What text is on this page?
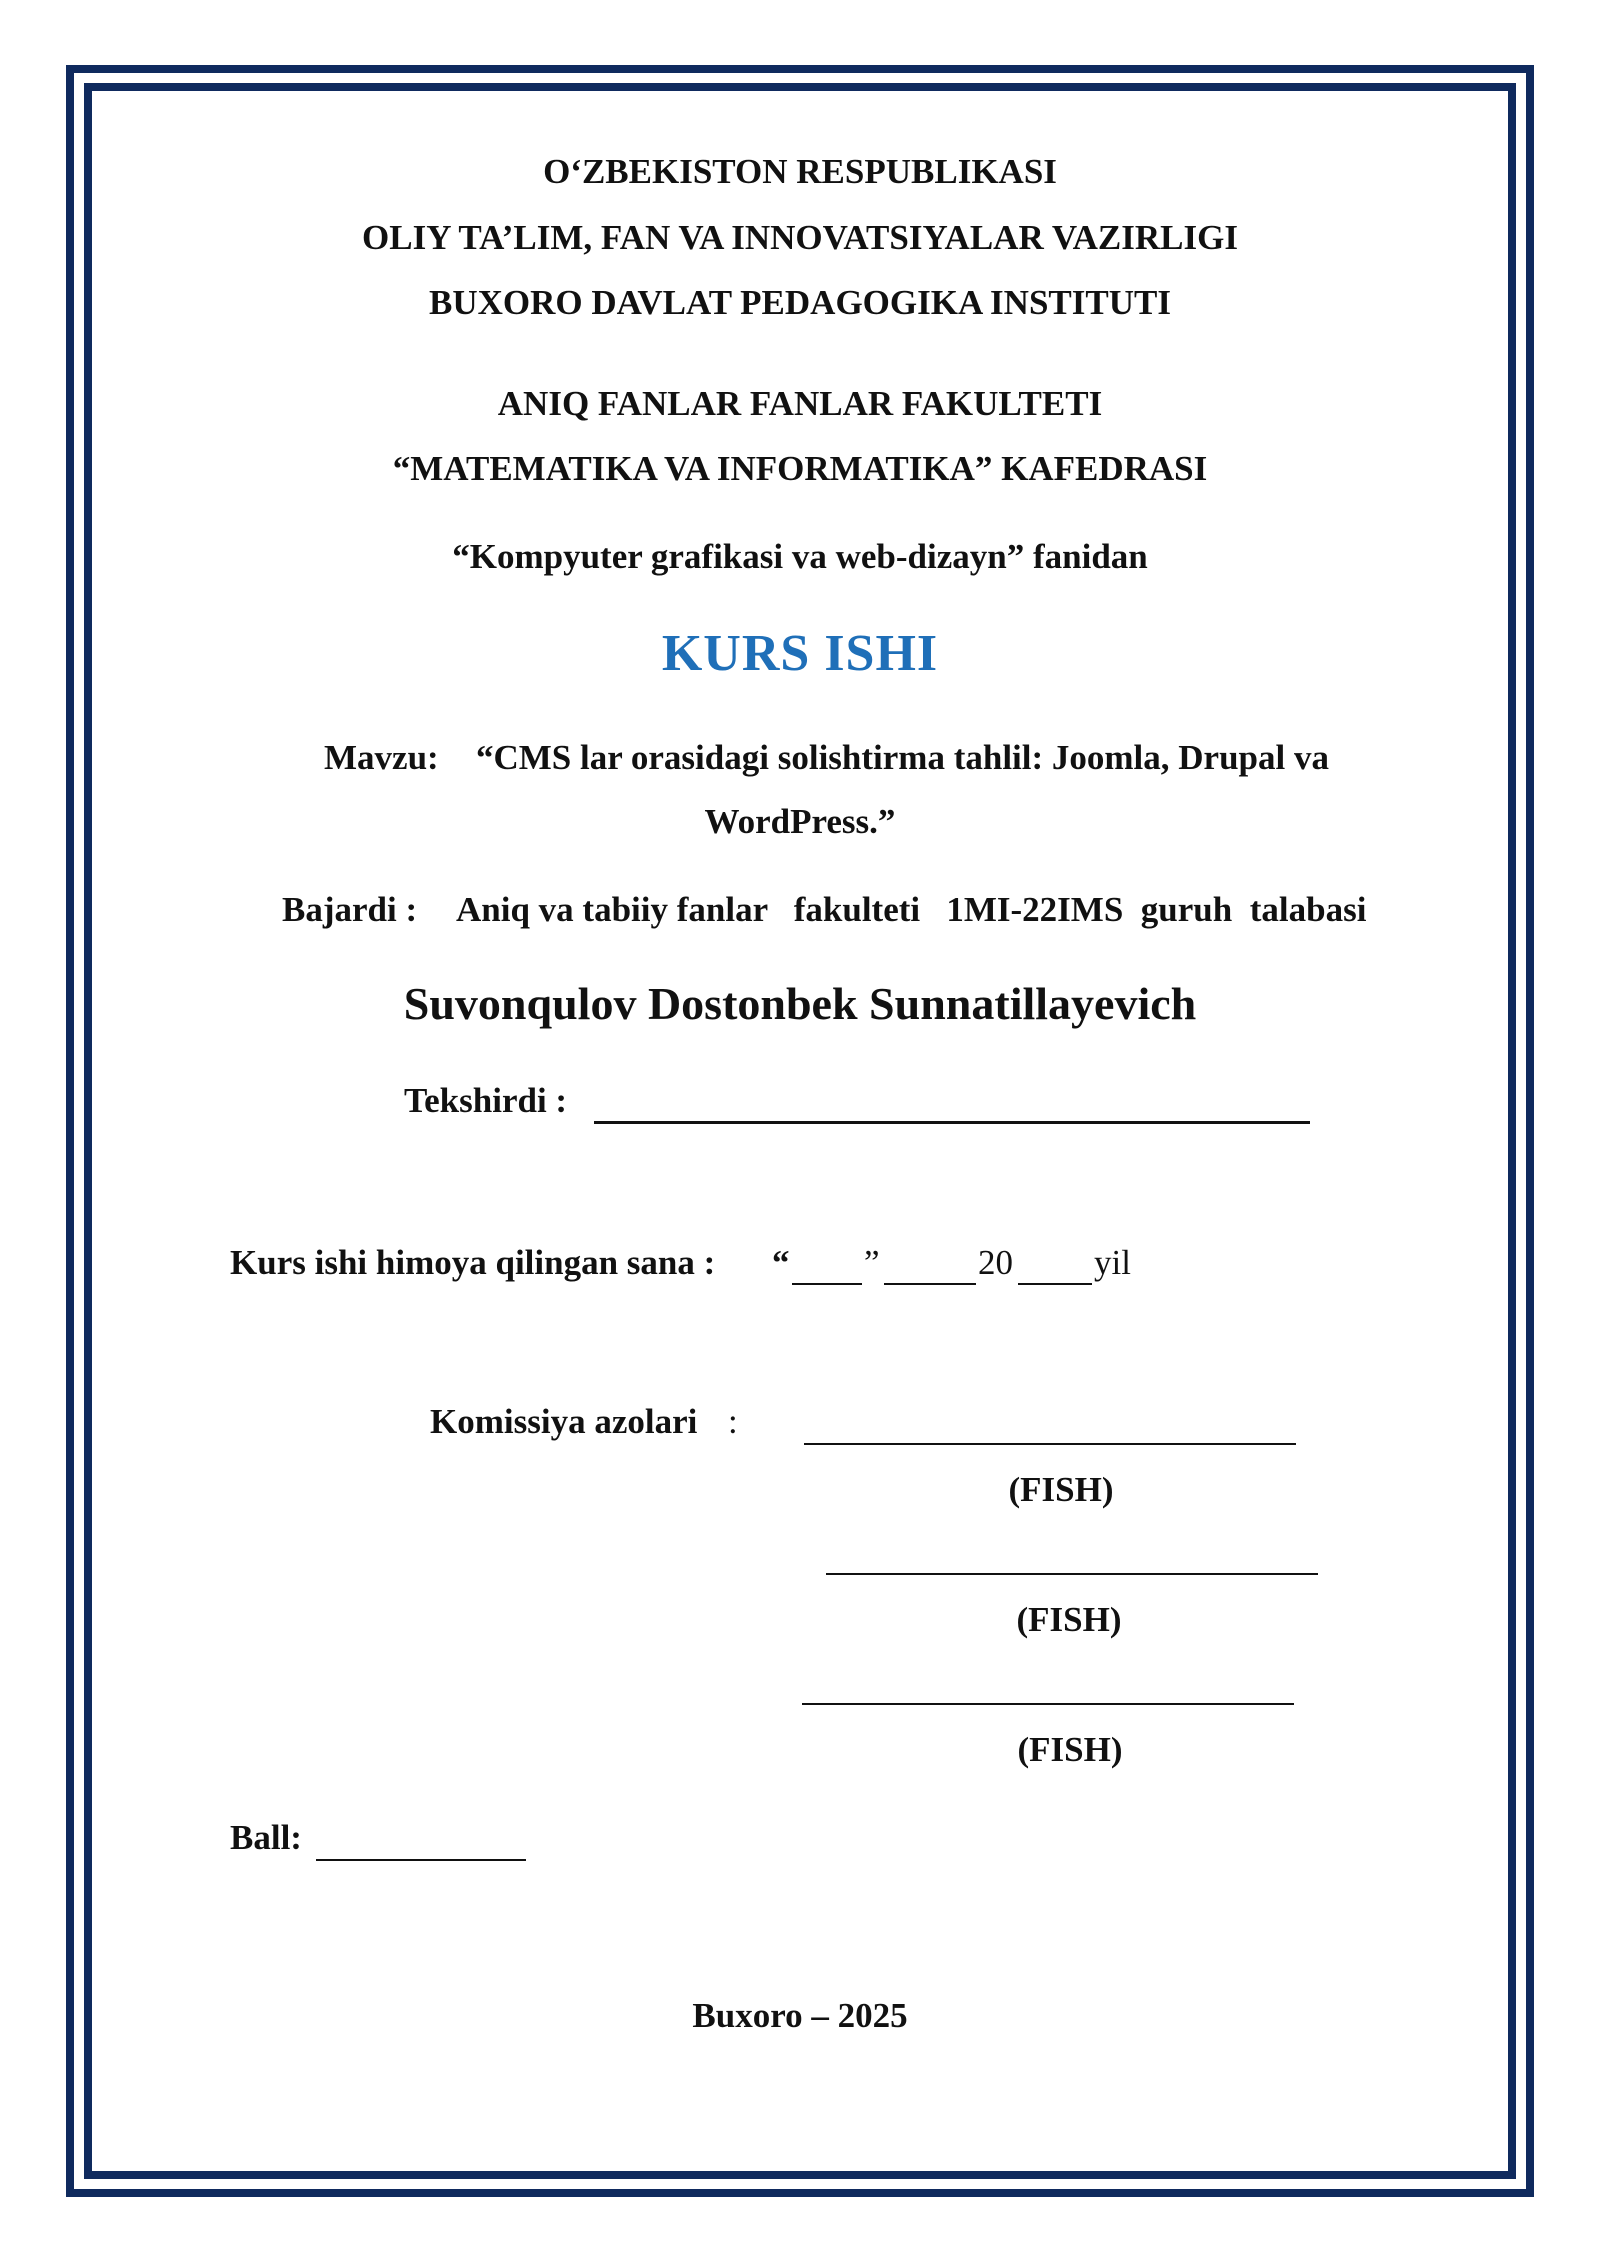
O‘ZBEKISTON RESPUBLIKASI
OLIY TA’LIM, FAN VA INNOVATSIYALAR VAZIRLIGI
BUXORO DAVLAT PEDAGOGIKA INSTITUTI
ANIQ FANLAR FANLAR FAKULTETI
“MATEMATIKA VA INFORMATIKA” KAFEDRASI
“Kompyuter grafikasi va web-dizayn” fanidan
KURS ISHI
Mavzu: “CMS lar orasidagi solishtirma tahlil: Joomla, Drupal va
WordPress.”
Bajardi : Aniq va tabiiy fanlar   fakulteti   1MI-22IMS  guruh  talabasi
Suvonqulov Dostonbek Sunnatillayevich
Tekshirdi :
Kurs ishi himoya qilingan sana : “ ”	20 yil
Komissiya azolari :
(FISH)
(FISH)
(FISH)
Ball:
Buxoro – 2025
